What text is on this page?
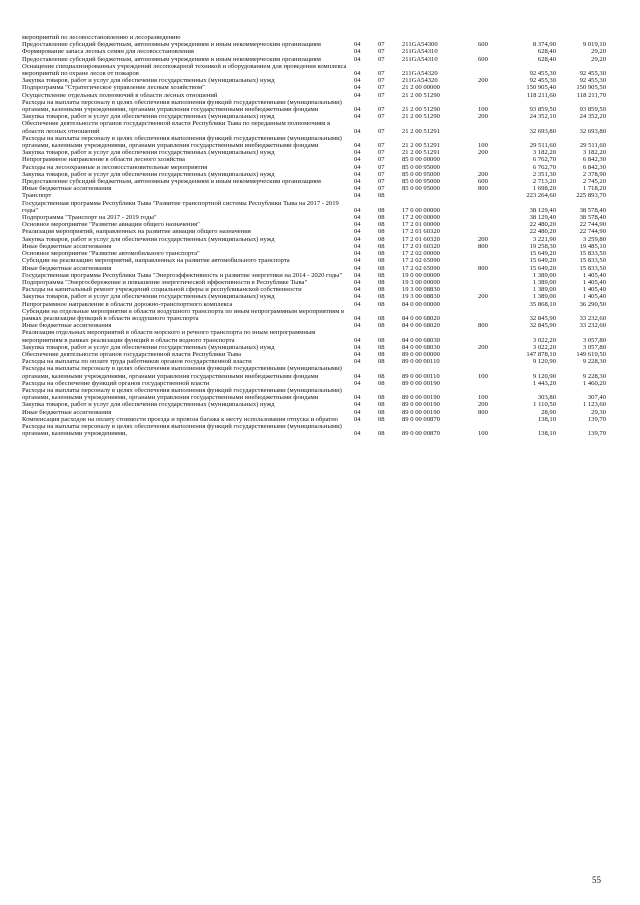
мероприятий по лесовосстановлению и лесоразведению
Предоставление субсидий бюджетным, автономным учреждениям и иным некоммерческим организациям	04	07	211GA54300	600	8 374,90	9 019,10
Формирование запаса лесных семян для лесовосстановления	04	07	211GA54310	628,40	29,20
Предоставление субсидий бюджетным, автономным учреждениям и иным некоммерческим организациям	04	07	211GA54310	600	628,40	29,20
Оснащение специализированных учреждений лесопожарной техникой и оборудованием для проведения комплекса мероприятий по охране лесов от пожаров	04	07	211GA54320	92 455,30	92 455,30
Закупка товаров, работ и услуг для обеспечения государственных (муниципальных) нужд	04	07	211GA54320	200	92 455,30	92 455,30
Подпрограмма "Стратегическое управление лесным хозяйством"	04	07	21 2 00 00000	150 905,40	150 905,50
Осуществление отдельных полномочий в области лесных отношений	04	07	21 2 00 51290	118 211,60	118 211,70
Расходы на выплаты персоналу в целях обеспечения выполнения функций государственными (муниципальными) органами, казенными учреждениями, органами управления государственными внебюджетными фондами	04	07	21 2 00 51290	100	93 859,50	93 859,50
Закупка товаров, работ и услуг для обеспечения государственных (муниципальных) нужд	04	07	21 2 00 51290	200	24 352,10	24 352,20
Обеспечение деятельности органов государственной власти Республики Тыва по переданным полномочиям в области лесных отношений	04	07	21 2 00 51291	32 693,80	32 693,80
Расходы на выплаты персоналу в целях обеспечения выполнения функций государственными (муниципальными) органами, казенными учреждениями, органами управления государственными внебюджетными фондами	04	07	21 2 00 51291	100	29 511,60	29 511,60
Закупка товаров, работ и услуг для обеспечения государственных (муниципальных) нужд	04	07	21 2 00 51291	200	3 182,20	3 182,20
Непрограммное направление в области лесного хозяйства	04	07	85 0 00 00000	6 762,70	6 842,30
Расходы на лесоохранные и лесовосстановительные мероприятия	04	07	85 0 00 95000	6 762,70	6 842,30
Закупка товаров, работ и услуг для обеспечения государственных (муниципальных) нужд	04	07	85 0 00 95000	200	2 351,30	2 378,90
Предоставление субсидий бюджетным, автономным учреждениям и иным некоммерческим организациям	04	07	85 0 00 95000	600	2 713,20	2 745,20
Иные бюджетные ассигнования	04	07	85 0 00 95000	800	1 698,20	1 718,20
Транспорт	04	08	223 264,60	225 893,70
Государственная программа Республики Тыва "Развитие транспортной системы Республики Тыва на 2017 - 2019 годы"	04	08	17 0 00 00000	38 129,40	38 578,40
Подпрограмма "Транспорт на 2017 - 2019 годы"	04	08	17 2 00 00000	38 129,40	38 578,40
Основное мероприятие "Развитие авиации общего назначения"	04	08	17 2 01 00000	22 480,20	22 744,90
Реализация мероприятий, направленных на развитие авиации общего назначения	04	08	17 2 01 60320	22 480,20	22 744,90
Закупка товаров, работ и услуг для обеспечения государственных (муниципальных) нужд	04	08	17 2 01 60320	200	3 221,90	3 259,80
Иные бюджетные ассигнования	04	08	17 2 01 60320	800	19 258,30	19 485,10
Основное мероприятие "Развитие автомобильного транспорта"	04	08	17 2 02 00000	15 649,20	15 833,50
Субсидии на реализацию мероприятий, направленных на развитие автомобильного транспорта	04	08	17 2 02 65090	15 649,20	15 833,50
Иные бюджетные ассигнования	04	08	17 2 02 65090	800	15 649,20	15 833,50
Государственная программа Республики Тыва "Энергоэффективность и развитие энергетики на 2014 - 2020 годы"	04	08	19 0 00 00000	1 389,00	1 405,40
Подпрограмма "Энергосбережение и повышение энергетической эффективности в Республике Тыва"	04	08	19 3 00 00000	1 389,00	1 405,40
Расходы на капитальный ремонт учреждений социальной сферы и республиканской собственности	04	08	19 3 00 08830	1 389,00	1 405,40
Закупка товаров, работ и услуг для обеспечения государственных (муниципальных) нужд	04	08	19 3 00 08830	200	1 389,00	1 405,40
Непрограммное направление в области дорожно-транспортного комплекса	04	08	84 0 00 00000	35 868,10	36 290,50
Субсидии на отдельные мероприятия в области воздушного транспорта по иным непрограммным мероприятиям в рамках реализации функций в области воздушного транспорта	04	08	84 0 00 68020	32 845,90	33 232,60
Иные бюджетные ассигнования	04	08	84 0 00 68020	800	32 845,90	33 232,60
Реализация отдельных мероприятий в области морского и речного транспорта по иным непрограммным мероприятиям в рамках реализации функций в области водного транспорта	04	08	84 0 00 68030	3 022,20	3 057,80
Закупка товаров, работ и услуг для обеспечения государственных (муниципальных) нужд	04	08	84 0 00 68030	200	3 022,20	3 057,80
Обеспечение деятельности органов государственной власти Республики Тыва	04	08	89 0 00 00000	147 878,10	149 619,50
Расходы на выплаты по оплате труда работников органов государственной власти	04	08	89 0 00 00110	9 120,90	9 228,30
Расходы на выплаты персоналу в целях обеспечения выполнения функций государственными (муниципальными) органами, казенными учреждениями, органами управления государственными внебюджетными фондами	04	08	89 0 00 00110	100	9 120,90	9 228,30
Расходы на обеспечение функций органов государственной власти	04	08	89 0 00 00190	1 443,20	1 460,20
Расходы на выплаты персоналу в целях обеспечения выполнения функций государственными (муниципальными) органами, казенными учреждениями, органами управления государственными внебюджетными фондами	04	08	89 0 00 00190	100	303,80	307,40
Закупка товаров, работ и услуг для обеспечения государственных (муниципальных) нужд	04	08	89 0 00 00190	200	1 110,50	1 123,60
Иные бюджетные ассигнования	04	08	89 0 00 00190	800	28,90	29,30
Компенсация расходов на оплату стоимости проезда и провоза багажа к месту использования отпуска и обратно	04	08	89 0 00 00870	138,10	139,70
Расходы на выплаты персоналу в целях обеспечения выполнения функций государственными (муниципальными) органами, казенными учреждениями,	04	08	89 0 00 00870	100	138,10	139,70
55
